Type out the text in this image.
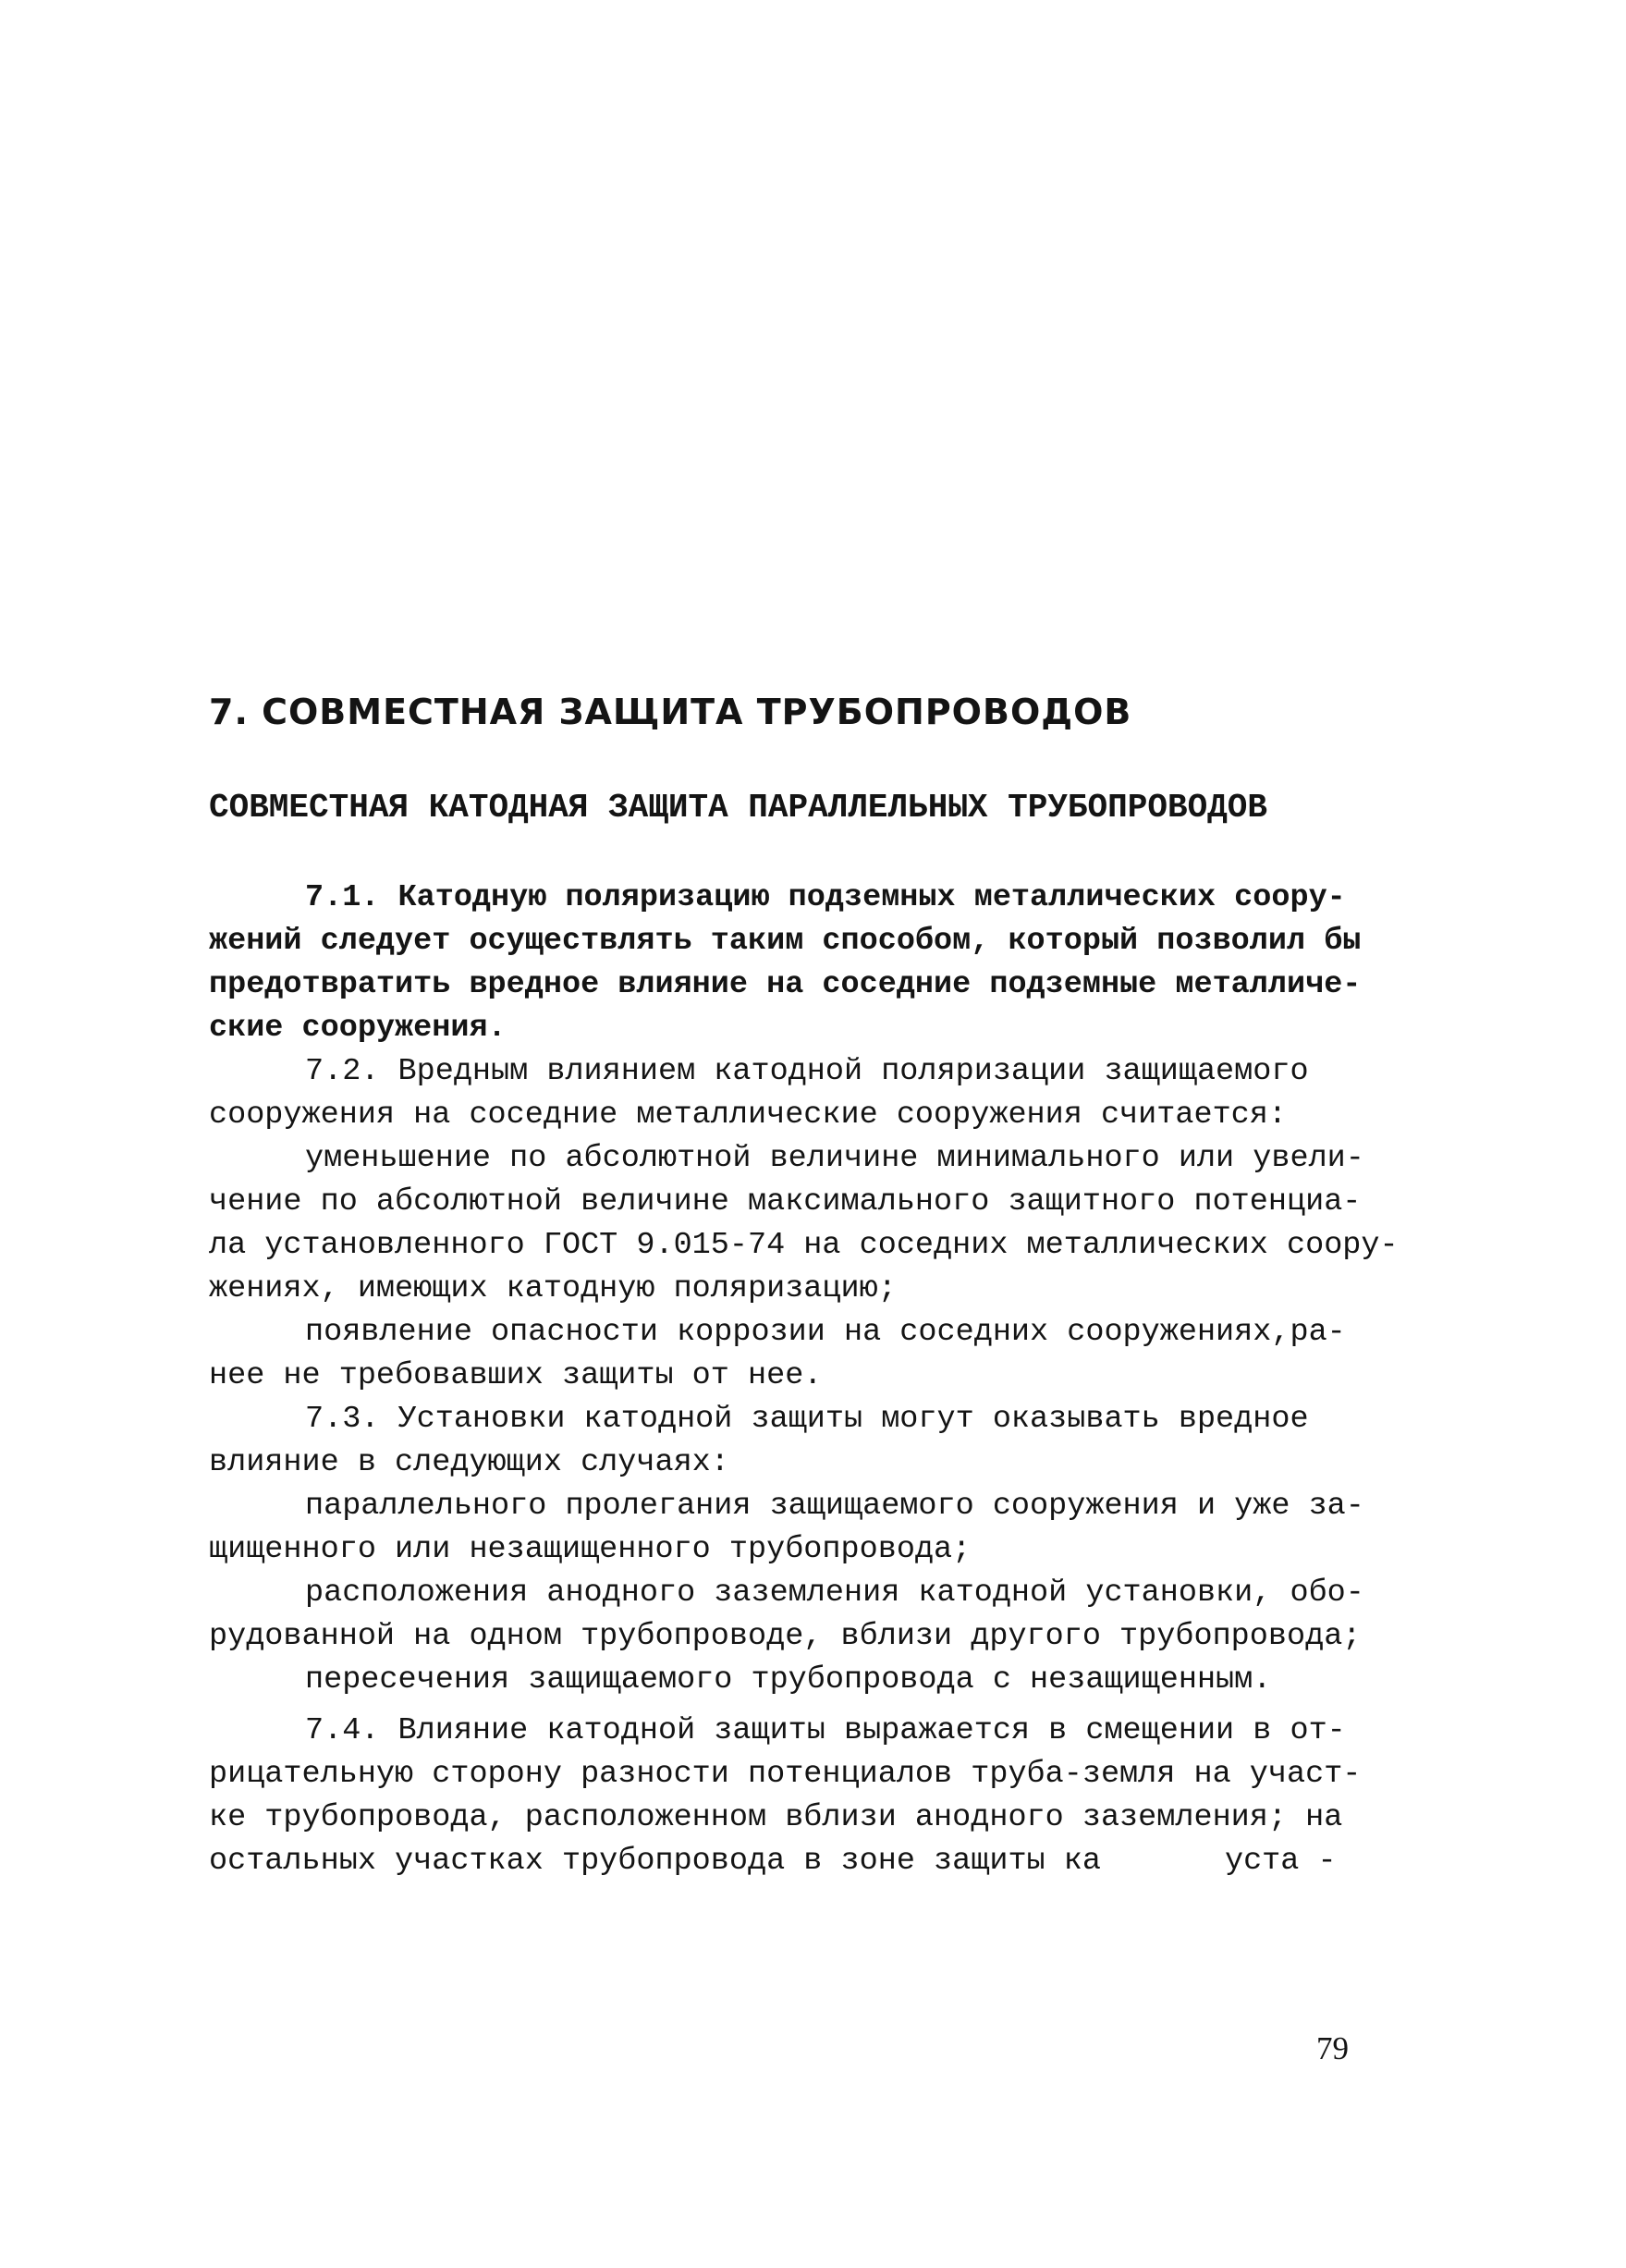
7. СОВМЕСТНАЯ ЗАЩИТА ТРУБОПРОВОДОВ
СОВМЕСТНАЯ КАТОДНАЯ ЗАЩИТА ПАРАЛЛЕЛЬНЫХ ТРУБОПРОВОДОВ

7.1. Катодную поляризацию подземных металлических соору-
жений следует осуществлять таким способом, который позволил бы
предотвратить вредное влияние на соседние подземные металличе-
ские сооружения.

7.2. Вредным влиянием катодной поляризации защищаемого
сооружения на соседние металлические сооружения считается:

уменьшение по абсолютной величине минимального или увели-
чение по абсолютной величине максимального защитного потенциа-
ла установленного ГОСТ 9.015-74 на соседних металлических соору-
жениях, имеющих катодную поляризацию;

появление опасности коррозии на соседних сооружениях,ра-
нее не требовавших защиты от нее.

7.3. Установки катодной защиты могут оказывать вредное
влияние в следующих случаях:

параллельного пролегания защищаемого сооружения и уже за-
щищенного или незащищенного трубопровода;

расположения анодного заземления катодной установки, обо-
рудованной на одном трубопроводе, вблизи другого трубопровода;

пересечения защищаемого трубопровода с незащищенным.

7.4. Влияние катодной защиты выражается в смещении в от-
рицательную сторону разности потенциалов труба-земля на участ-
ке трубопровода, расположенном вблизи анодного заземления; на
остальных участках трубопровода в зоне защиты ка	уста -

79
